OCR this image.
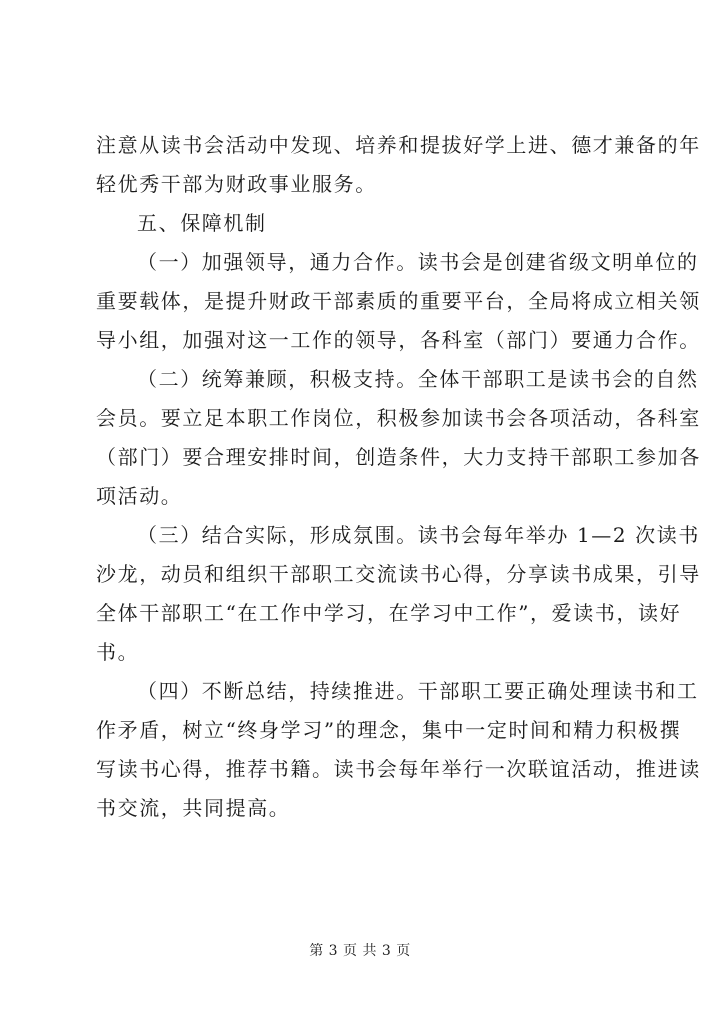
注意从读书会活动中发现、培养和提拔好学上进、德才兼备的年
轻优秀干部为财政事业服务。
五、保障机制
（一）加强领导，通力合作。读书会是创建省级文明单位的
重要载体，是提升财政干部素质的重要平台，全局将成立相关领
导小组，加强对这一工作的领导，各科室（部门）要通力合作。
（二）统筹兼顾，积极支持。全体干部职工是读书会的自然
会员。要立足本职工作岗位，积极参加读书会各项活动，各科室
（部门）要合理安排时间，创造条件，大力支持干部职工参加各
项活动。
（三）结合实际，形成氛围。读书会每年举办 1—2 次读书
沙龙，动员和组织干部职工交流读书心得，分享读书成果，引导
全体干部职工“在工作中学习，在学习中工作”，爱读书，读好
书。
（四）不断总结，持续推进。干部职工要正确处理读书和工
作矛盾，树立“终身学习”的理念，集中一定时间和精力积极撰
写读书心得，推荐书籍。读书会每年举行一次联谊活动，推进读
书交流，共同提高。
第 3 页 共 3 页
